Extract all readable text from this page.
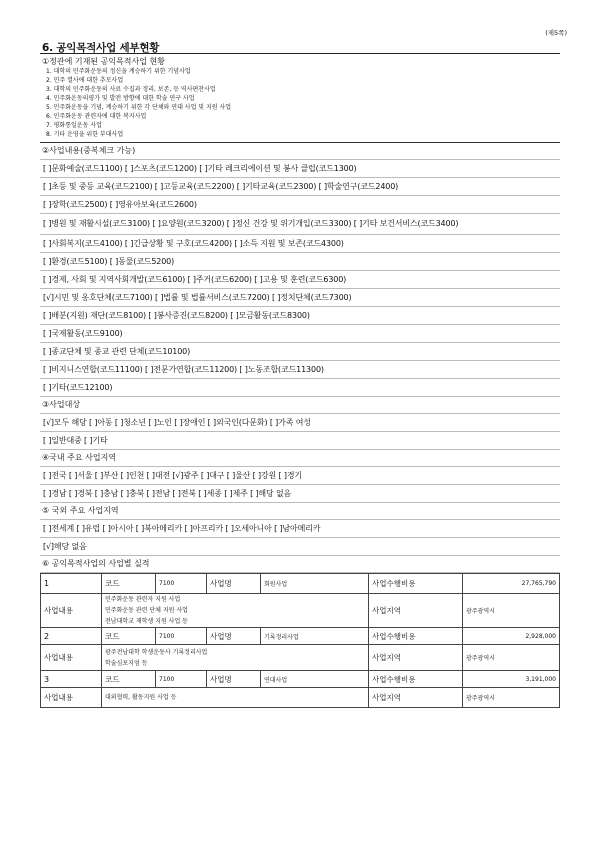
(제5쪽)
6. 공익목적사업 세부현황
①정관에 기재된 공익목적사업 현황
1. 대학의 민주화운동의 정신을 계승하기 위한 기념사업
2. 민주 열사에 대한 추모사업
3. 대학의 민주화운동의 사료 수집과 정리, 보존, 등 역사편찬사업
4. 민주화운동의평가 및 발전 방향에 대한 학술 연구 사업
5. 민주화운동을 기념, 계승하기 위한 각 단체와 연대 사업 및 지원 사업
6. 민주화운동 관련자에 대한 복지사업
7. 평화통일운동 사업
8. 기타 운영을 위한 부대사업
②사업내용(중복체크 가능)
[ ]문화예술(코드1100) [ ]스포츠(코드1200) [ ]기타 레크리에이션 및 봉사 클럽(코드1300)
[ ]초등 및 중등 교육(코드2100) [ ]고등교육(코드2200) [ ]기타교육(코드2300) [ ]학술연구(코드2400)
[ ]장학(코드2500) [ ]영유아보육(코드2600)
[ ]병원 및 재활시설(코드3100) [ ]요양원(코드3200) [ ]정신 건강 및 위기개입(코드3300) [ ]기타 보건서비스(코드3400)
[ ]사회복지(코드4100) [ ]긴급상황 및 구호(코드4200) [ ]소득 지원 및 보존(코드4300)
[ ]환경(코드5100) [ ]동물(코드5200)
[ ]경제, 사회 및 지역사회개발(코드6100) [ ]주거(코드6200) [ ]고용 및 훈련(코드6300)
[√]시민 및 옹호단체(코드7100) [ ]법률 및 법률서비스(코드7200) [ ]정치단체(코드7300)
[ ]배분(지원) 재단(코드8100) [ ]봉사증진(코드8200) [ ]모금활동(코드8300)
[ ]국제활동(코드9100)
[ ]종교단체 및 종교 관련 단체(코드10100)
[ ]비지니스연합(코드11100) [ ]전문가연합(코드11200) [ ]노동조합(코드11300)
[ ]기타(코드12100)
③사업대상
[√]모두 해당 [ ]아동 [ ]청소년 [ ]노인 [ ]장애인 [ ]외국인(다문화) [ ]가족 여성
[ ]일반대중 [ ]기타
④국내 주요 사업지역
[ ]전국 [ ]서울 [ ]부산 [ ]인천 [ ]대전 [√]광주 [ ]대구 [ ]울산 [ ]강원 [ ]경기
[ ]경남 [ ]경북 [ ]충남 [ ]충북 [ ]전남 [ ]전북 [ ]세종 [ ]제주 [ ]해당 없음
⑤ 국외 주요 사업지역
[ ]전세계 [ ]유럽 [ ]아시아 [ ]북아메리카 [ ]아프리카 [ ]오세아니아 [ ]남아메리카
[√]해당 없음
⑥ 공익목적사업의 사업별 실적
1	코드	7100	사업명	회원사업	사업수행비용	27,765,790
사업내용	민주화운동 관련자 지원 사업
민주화운동 관련 단체 지원 사업
전남대학교 재학생 지원 사업 등				사업지역	광주광역시
2	코드	7100	사업명	기록정리사업	사업수행비용	2,928,000
사업내용	광주전남대학 학생운동사 기록정리사업
학술심포지엄 등				사업지역	광주광역시
3	코드	7100	사업명	연대사업	사업수행비용	3,191,000
사업내용	대외협력, 활동지원 사업 등				사업지역	광주광역시
